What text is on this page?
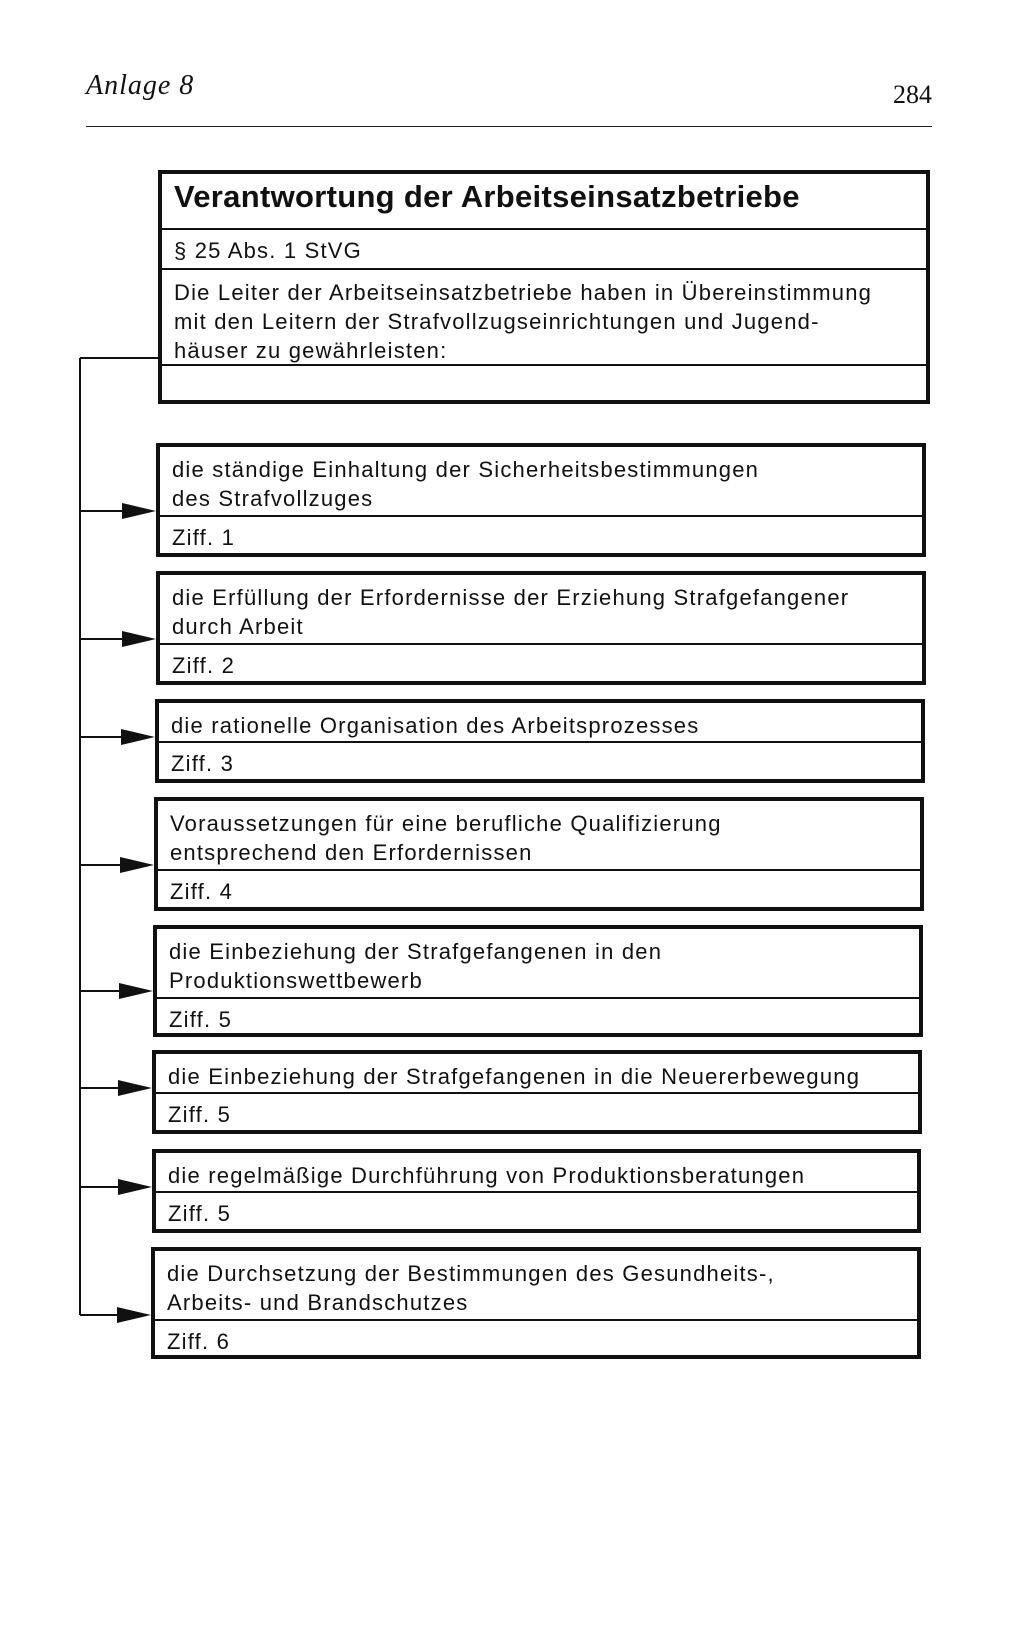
Anlage 8	284
Verantwortung der Arbeitseinsatzbetriebe
§ 25 Abs. 1 StVG
Die Leiter der Arbeitseinsatzbetriebe haben in Übereinstimmung
mit den Leitern der Strafvollzugseinrichtungen und Jugend-
häuser zu gewährleisten:
die ständige Einhaltung der Sicherheitsbestimmungen
des Strafvollzuges
Ziff. 1
die Erfüllung der Erfordernisse der Erziehung Strafgefangener
durch Arbeit
Ziff. 2
die rationelle Organisation des Arbeitsprozesses
Ziff. 3
Voraussetzungen für eine berufliche Qualifizierung
entsprechend den Erfordernissen
Ziff. 4
die Einbeziehung der Strafgefangenen in den
Produktionswettbewerb
Ziff. 5
die Einbeziehung der Strafgefangenen in die Neuererbewegung
Ziff. 5
die regelmäßige Durchführung von Produktionsberatungen
Ziff. 5
die Durchsetzung der Bestimmungen des Gesundheits-,
Arbeits- und Brandschutzes
Ziff. 6
